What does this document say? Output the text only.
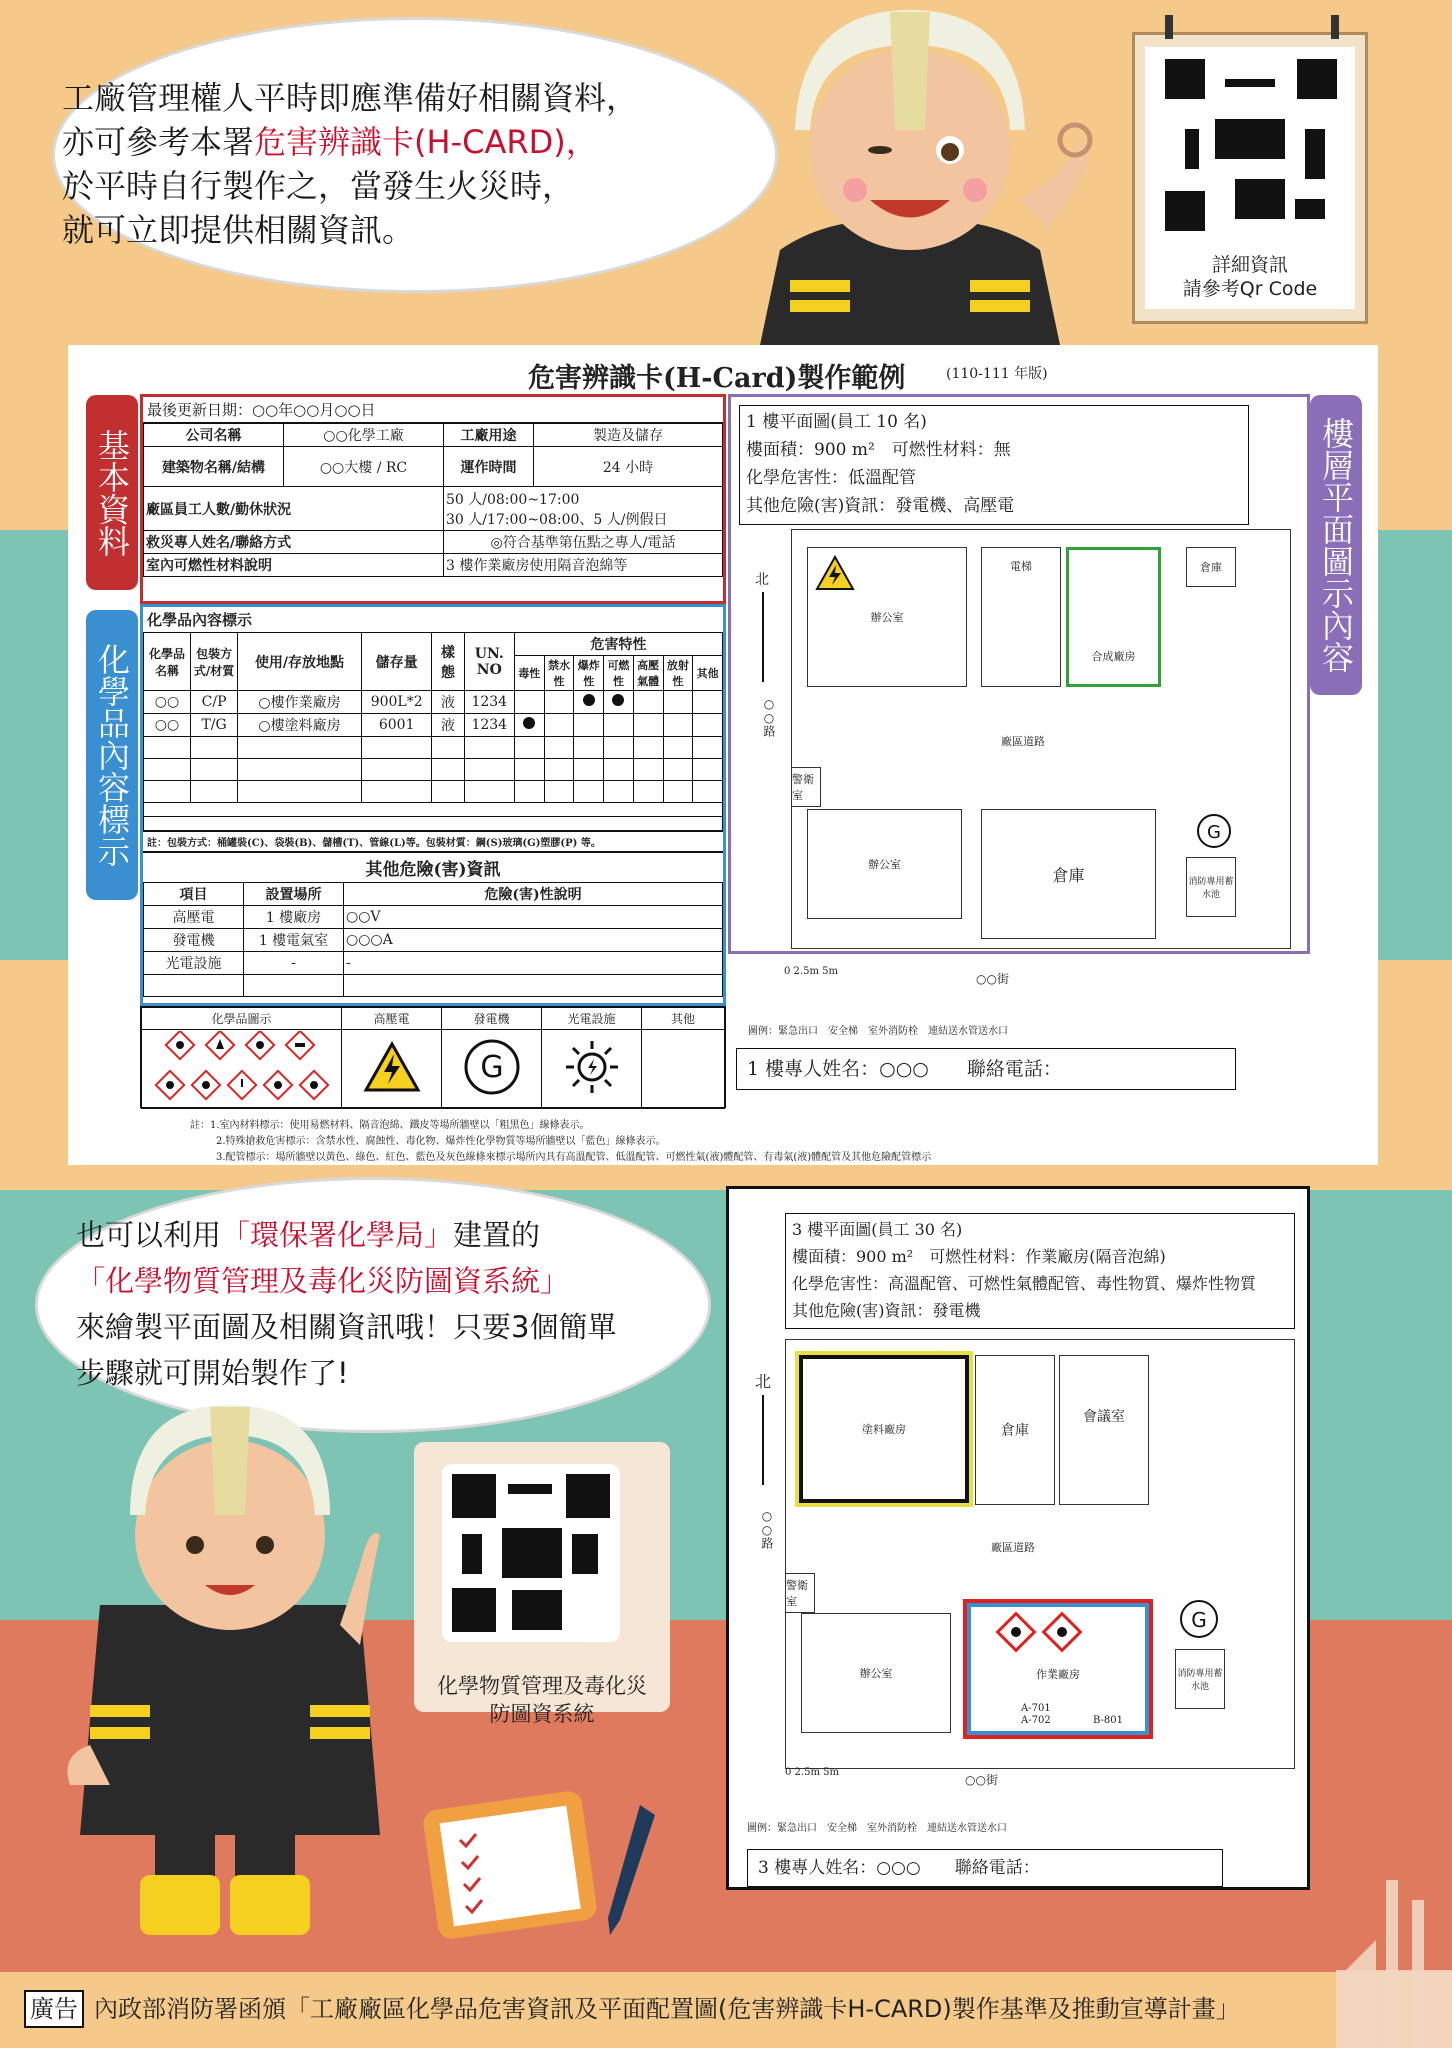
工廠管理權人平時即應準備好相關資料，
亦可參考本署危害辨識卡(H-CARD)，
於平時自行製作之，當發生火災時，
就可立即提供相關資訊。
詳細資訊
請參考Qr Code
危害辨識卡(H-Card)製作範例	(110-111 年版)
基本資料
化學品內容標示
樓層平面圖示內容
最後更新日期：○○年○○月○○日
公司名稱	○○化學工廠	工廠用途	製造及儲存
建築物名稱/結構	○○大樓 / RC	運作時間	24 小時
廠區員工人數/勤休狀況		50 人/08:00~17:00
30 人/17:00~08:00、5 人/例假日	

救災專人姓名/聯絡方式		◎符合基準第伍點之專人/電話	
室內可燃性材料說明		3 樓作業廠房使用隔音泡綿等	
化學品內容標示
化學品名稱	包裝方式/材質	使用/存放地點	儲存量	樣態	UN. NO	危害特性						
						毒性	禁水性	爆炸性	可燃性	高壓氣體	放射性	其他
○○	C/P	○樓作業廠房	900L*2	液	1234							
○○	T/G	○樓塗料廠房	6001	液	1234							

註：包裝方式：桶罐裝(C)、袋裝(B)、儲槽(T)、管線(L)等。包裝材質：鋼(S)玻璃(G)塑膠(P) 等。
其他危險(害)資訊
項目	設置場所	危險(害)性說明
高壓電	1 樓廠房	○○V
發電機	1 樓電氣室	○○○A
光電設施	-	-

化學品圖示	高壓電	發電機	光電設施	其他

G

1 樓平面圖(員工 10 名)
樓面積：900 m²　可燃性材料：無
化學危害性：低溫配管
其他危險(害)資訊：發電機、高壓電
北
○○路
辦公室
電梯
合成廠房
倉庫
廠區道路
警衛室
辦公室
倉庫
G
消防專用蓄水池
0 2.5m 5m
○○街
圖例：緊急出口　安全梯　室外消防栓　連結送水管送水口
1 樓專人姓名：○○○　　聯絡電話：
註：1.室內材料標示：使用易燃材料、隔音泡綿、鐵皮等場所牆壁以「粗黑色」線條表示。
2.特殊搶救危害標示：含禁水性、腐蝕性、毒化物、爆炸性化學物質等場所牆壁以「藍色」線條表示。
3.配管標示：場所牆壁以黃色、綠色、紅色、藍色及灰色線條來標示場所內具有高溫配管、低溫配管、可燃性氣(液)體配管、有毒氣(液)體配管及其他危險配管標示
也可以利用「環保署化學局」建置的
「化學物質管理及毒化災防圖資系統」
來繪製平面圖及相關資訊哦！只要3個簡單
步驟就可開始製作了!
化學物質管理及毒化災
防圖資系統
3 樓平面圖(員工 30 名)
樓面積：900 m²　可燃性材料：作業廠房(隔音泡綿)
化學危害性：高溫配管、可燃性氣體配管、毒性物質、爆炸性物質
其他危險(害)資訊：發電機
北
○○路
塗料廠房	倉庫
會議室
廠區道路
警衛室
辦公室	作業廠房
A-701
A-702	B-801
G
消防專用蓄水池
0 2.5m 5m
○○街
圖例：緊急出口　安全梯　室外消防栓　連結送水管送水口
3 樓專人姓名：○○○　　聯絡電話：
廣告 內政部消防署函頒「工廠廠區化學品危害資訊及平面配置圖(危害辨識卡H-CARD)製作基準及推動宣導計畫」
